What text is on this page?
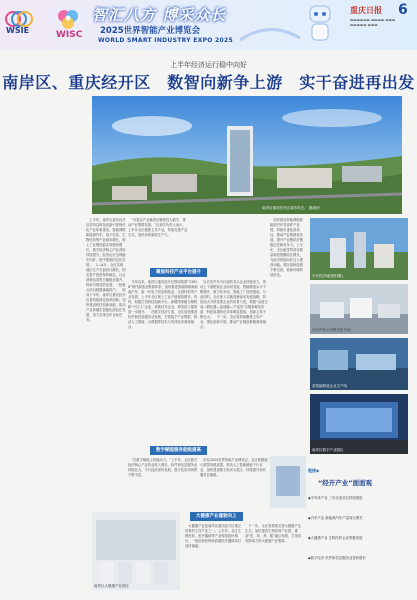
WSIE	WISC
智汇八方 博采众长
2025世界智能产业博览会
WORLD SMART INDUSTRY EXPO 2025
重庆日报 6
▬▬▬▬▬▬ ▬▬▬▬ ▬▬▬ ▬▬▬▬▬ ▬▬▬
上半年经济运行稳中向好
南岸区、重庆经开区　数智向新争上游　实干奋进再出发
南岸区重庆经开区城市风光。 摄/晓东
　上半年，南岸区重庆经开区坚持以科技创新引领现代化产业体系建设，智能网联新能源汽车、电子信息、生物医药等产业稳步增长，规上工业增加值实现较快增长，数字经济核心产业营收持续提升，经济运行呈现稳中向好、进中提质的良好态势。　1—6月，全区实现地区生产总值同比增长，固定资产投资保持稳定，社会消费品零售总额稳步提升，招商引资成效显著，一批重点项目相继落地投产。　面向下半年，南岸区重庆经开区将持续深化改革创新，加快建设科技创新高地，推动产业高端化智能化绿色化发展，奋力实现全年目标任务。
　“可靠以产业链供应链韧性为抓手，推动产业集群发展。”区相关负责人表示，上半年全区聚焦主导产业，持续完善产业生态，加快培育新质生产力。
聚焦科技产业平台提升
　今年以来，南岸区重庆经开区围绕构建“33618”现代制造业集群体系，加快推进智能网联新能源汽车、新一代电子信息制造业、先进材料等产业发展，上半年全区规上工业产值保持增长。同时，积极打造科技创新平台，新增国家级专精特新“小巨人”企业、高新技术企业，研发投入强度进一步提升。　在数字经济方面，全区加快推进软件和信息服务业发展，打造数字产业集群，推动人工智能、大数据等技术与实体经济深度融合。
　以长安汽车为代表的龙头企业持续发力，带动上下游配套企业协同发展，智能制造水平不断提升，数字化车间、智能工厂加快建设。与此同时，全区深入实施创新驱动发展战略，持续加大对科技型企业的培育力度，构建“众创空间—孵化器—加速器—产业园”全链条孵化体系，科技成果转化效率明显提高，创新主体不断壮大。　下一步，全区将持续聚焦主导产业，强化创新引领，推动产业链创新链深度融合。
　加快建设智能网联新能源汽车零部件产业园，持续引进优质项目，推动产业集群化发展，提升产业链供应链稳定性和竞争力。上半年，全区新签约项目数量和投资额同比增长，为经济持续向好注入强劲动能。园区基础设施不断完善，营商环境持续优化。	平台经济城(资料图)
长安汽车公司数字化车间
某智能制造企业生产线
南岸区数字产业园区
数字赋能服务能级提高
　“在数字赋能上持续用力。”上半年，全区数字经济核心产业营业收入增长，软件和信息服务业持续壮大，平台经济加快发展，数字化应用场景不断丰富。
　依托2025世界智能产业博览会，全区积极展示数智发展成果，推动人工智能赋能千行百业，加快建设数字经济示范区，持续提升现代服务业能级。
南岸区大健康产业园区
大健康产业蓬勃向上
　大健康产业是南岸区重庆经开区重点培育的主导产业之一。上半年，全区生物医药、医疗器械等产业保持较快增长，一批创新药物和高端医疗器械项目加快落地。
　下一步，全区将持续完善大健康产业生态，加快建设生物医药产业园，推动“医、药、养、健”融合发展，打造具有影响力的大健康产业集群。
链接◆
“经开产业”面面观
◆半导体产业 三安光电项目持续推进
◆汽车产业 新能源汽车产量同比增长
◆大健康产业 生物医药企业集聚发展
◆数字经济 软件和信息服务业营收增长
